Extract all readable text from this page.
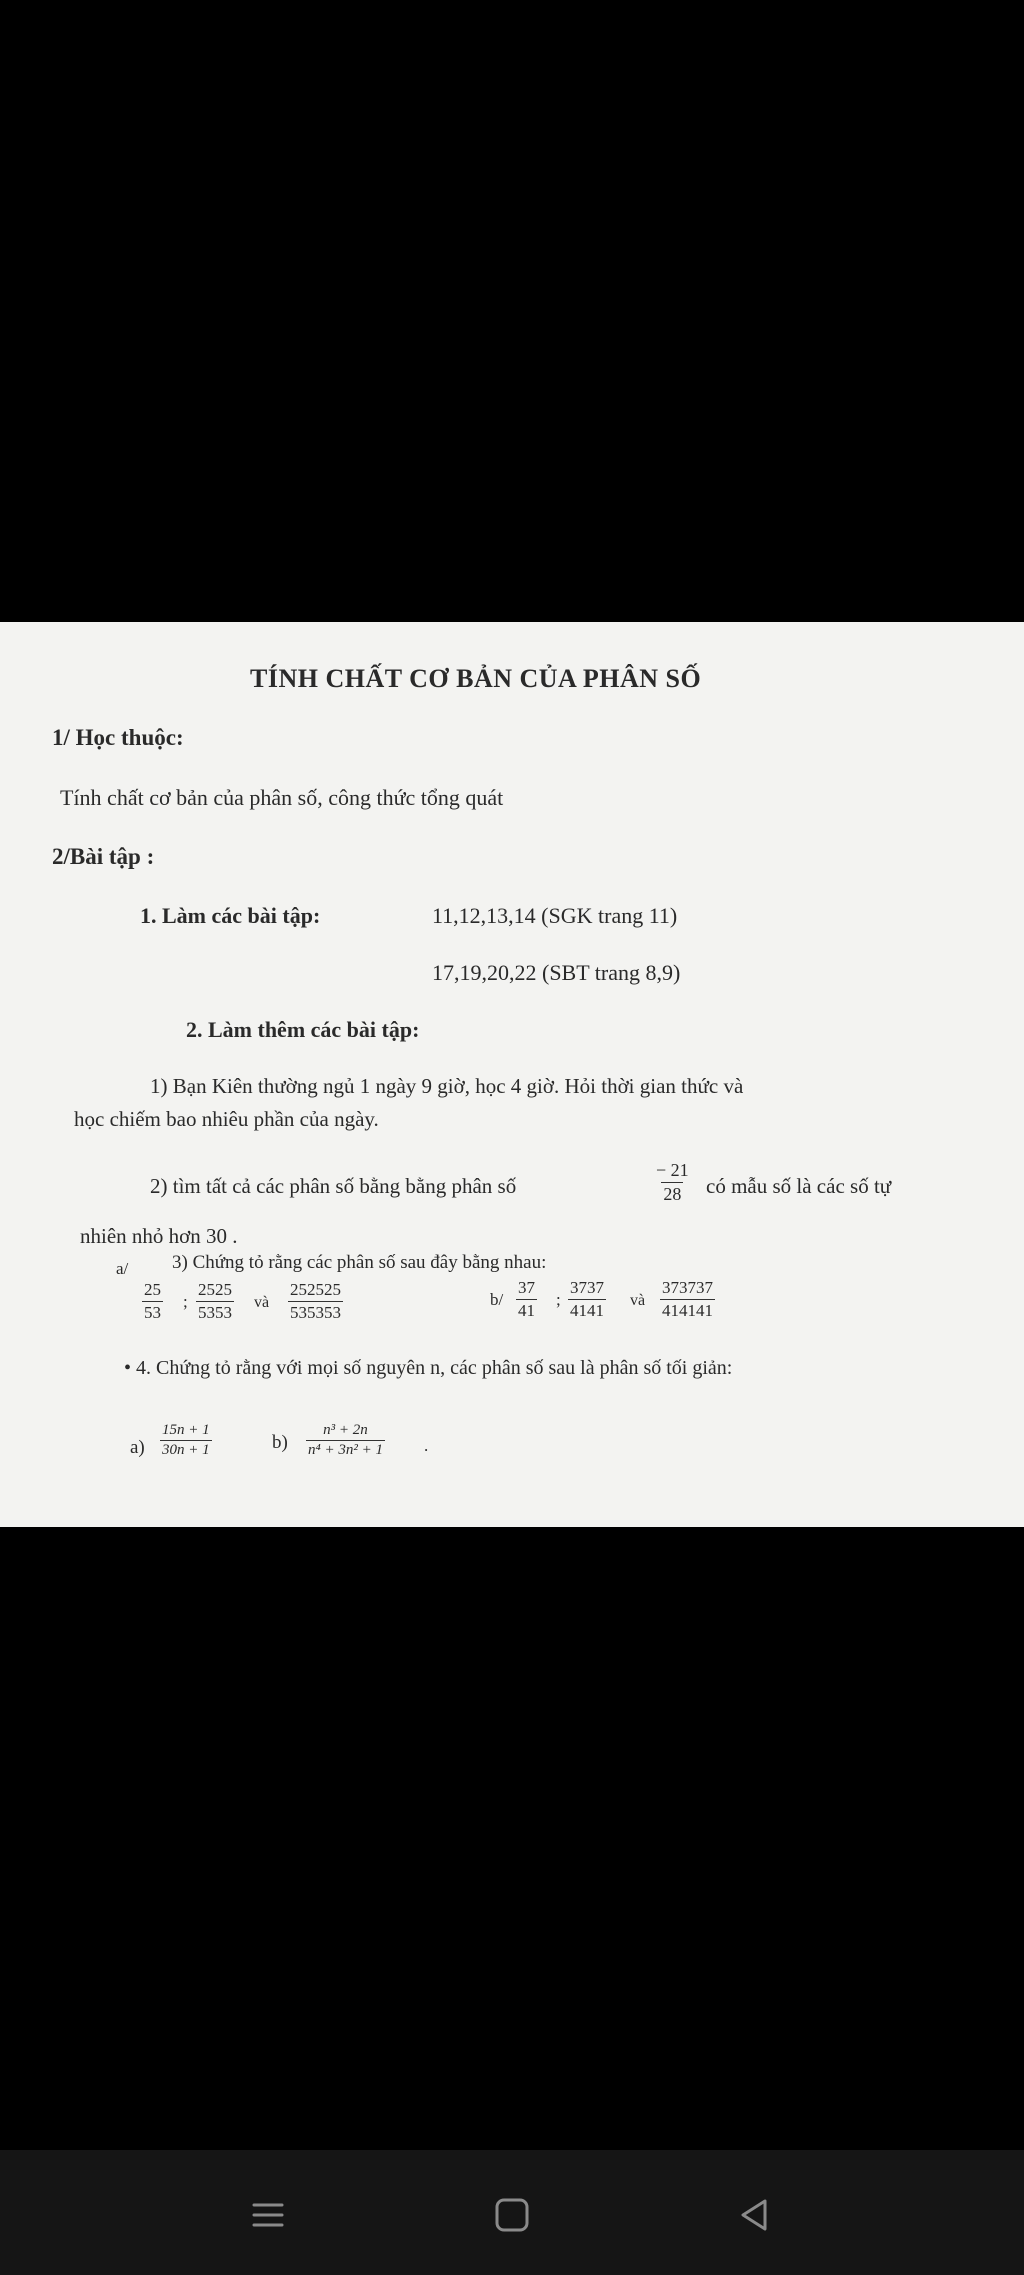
TÍNH CHẤT CƠ BẢN CỦA PHÂN SỐ
1/ Học thuộc:
Tính chất cơ bản của phân số, công thức tổng quát
2/Bài tập :
1. Làm các bài tập:	11,12,13,14 (SGK trang 11)
17,19,20,22 (SBT trang 8,9)
2. Làm thêm các bài tập:
1) Bạn Kiên thường ngủ 1 ngày 9 giờ, học 4 giờ. Hỏi thời gian thức và
học chiếm bao nhiêu phần của ngày.
2) tìm tất cả các phân số bằng bằng phân số	$\frac{- 21}{28}$ có mẫu số là các số tự
nhiên nhỏ hơn 30 .
3) Chứng tỏ rằng các phân số sau đây bằng nhau:
a/
$\frac{25}{53}$ ; $\frac{2525}{5353}$ và $\frac{252525}{535353}$	$b/ \frac{37}{41}$ ; $\frac{3737}{4141}$ và $\frac{373737}{414141}$
• 4. Chứng tỏ rằng với mọi số nguyên n, các phân số sau là phân số tối giản:
$a) \frac{15n + 1}{30n + 1}$	$b) \frac{\text{n³ + 2n}}{\text{n⁴ + 3n² + 1}}$ .
